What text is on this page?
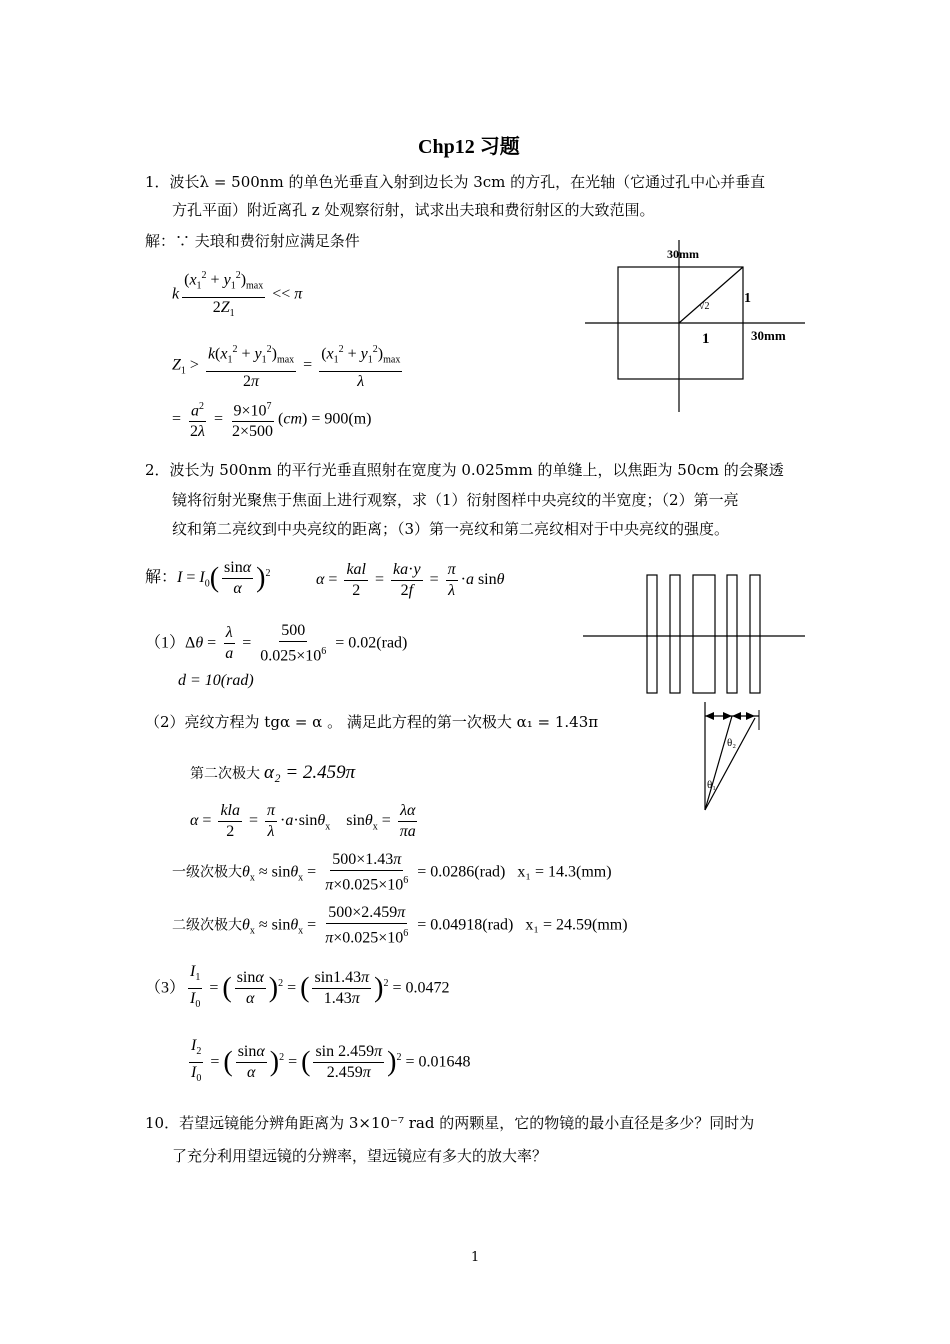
Chp12 习题
1．波长λ = 500nm 的单色光垂直入射到边长为 3cm 的方孔，在光轴（它通过孔中心并垂直
方孔平面）附近离孔 z 处观察衍射，试求出夫琅和费衍射区的大致范围。
解：∵ 夫琅和费衍射应满足条件
k $\frac{(x_1^2 + y_1^2)_{max}}{2Z_1} << \pi$
$Z_1 > \frac{k(x_1^2 + y_1^2)_{max}}{2\pi} = \frac{(x_1^2 + y_1^2)_{max}}{\lambda}$
= $\frac{a^2}{2\lambda} = \frac{9\times 10^7}{2\times 500} (cm) = 900(m)$
30mm
30mm
1
1
√2
2．波长为 500nm 的平行光垂直照射在宽度为 0.025mm 的单缝上，以焦距为 50cm 的会聚透
镜将衍射光聚焦于焦面上进行观察，求（1）衍射图样中央亮纹的半宽度；（2）第一亮
纹和第二亮纹到中央亮纹的距离；（3）第一亮纹和第二亮纹相对于中央亮纹的强度。
解：$I = I_0( \frac{\sin\alpha}{\alpha} )^2$	$\alpha = \frac{\text{kal}}{2} = \frac{ka\cdot y}{2f} = \frac{\pi}{\lambda} \cdot a$ sinθ
$(1)\Delta\theta = \frac{\lambda}{a} = \frac{500}{0.025\times 10^6} = 0.02(rad)$
d = 10(rad)
（2）亮纹方程为 tgα = α 。 满足此方程的第一次极大 α₁ = 1.43π
第二次极大 α₂ = 2.459π
$\alpha = \frac{\text{kla}}{2} = \frac{\pi}{\lambda} \cdot a\cdot\sin\theta_x$    $\sin\theta_x = \frac{\lambda\alpha}{\pi a}$
一级次极大$\theta_x \approx \sin\theta_x = \frac{500\times 1.43\pi}{\pi\times 0.025\times 10^6} = 0.0286(rad) x_1 = 14.3(mm)$
二级次极大$\theta_x \approx \sin\theta_x = \frac{500\times 2.459\pi}{\pi\times 0.025\times 10^6} = 0.04918(rad) x_1 = 24.59(mm)$
$(3) \frac{I_1}{I_0}$ = ( $\frac{\sin\alpha}{\alpha} )^2$ = ( $\frac{\sin 1.43\pi}{1.43\pi} )^2 = 0.0472$
$\frac{I_2}{I_0}$ = ( $\frac{\sin\alpha}{\alpha} )^2$ = ( $\frac{\sin 2.459\pi}{2.459\pi} )^2 = 0.01648$
θ₂
θ₁
10．若望远镜能分辨角距离为 3×10⁻⁷ rad 的两颗星，它的物镜的最小直径是多少？同时为
了充分利用望远镜的分辨率，望远镜应有多大的放大率？
1
